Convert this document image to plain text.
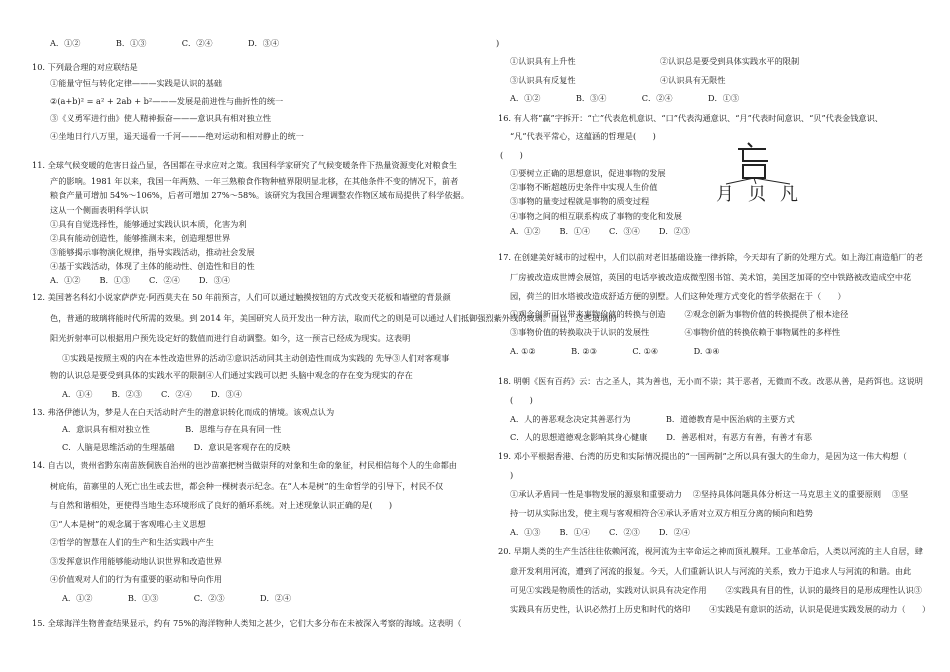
A．①② 　　　　B．①③ 　　　　C．②④ 　　　　D．③④
10. 下列最合理的对应联结是
①能量守恒与转化定律———实践是认识的基础
②(a+b)² = a² + 2ab + b²———发展是前进性与曲折性的统一
③《义勇军进行曲》使人精神振奋———意识具有相对独立性
④坐地日行八万里，遥天遥看一千河———绝对运动和相对静止的统一
11. 全球气候变暖的危害日益凸显，各国都在寻求应对之策。我国科学家研究了气候变暖条件下热量资源变化对粮食生
产的影响。1981 年以来，我国一年两熟、一年三熟粮食作物种植界限明显北移，在其他条件不变的情况下，前者
粮食产量可增加 54%～106%，后者可增加 27%～58%。该研究为我国合理调整农作物区域布局提供了科学依据。
这从一个侧面表明科学认识
①具有自觉选择性，能够通过实践认识本质，化害为利
②具有能动创造性，能够推测未来，创造理想世界
③能够揭示事物演化规律，指导实践活动，推动社会发展
④基于实践活动，体现了主体的能动性、创造性和目的性
A．①② 　　B．①③ 　　C．②④ 　　D．③④
12. 美国著名科幻小说家萨萨克·阿西莫夫在 50 年前预言，人们可以通过触摸按钮的方式改变天花板和墙壁的背景颜
色，普通的玻璃将能时代所需的效果。到 2014 年，美国研究人员开发出一种方法，取而代之的则是可以通过人们抵御强烈紫外线的玻璃。而且，这些玻璃的
阳光折射率可以根据用户预先设定好的数值而进行自动调整。如今，这一预言已经成为现实。这表明
①实践是按照主观的内在本性改造世界的活动②意识活动同其主动创造性而成为实践的 先导③人们对客观事
物的认识总是要受到具体的实践水平的限制④人们通过实践可以把 头脑中观念的存在变为现实的存在
A．①④ 　　B．②③ 　　C．②④ 　　D．③④
13. 弗洛伊德认为，梦是人在白天活动时产生的潜意识转化而成的情境。该观点认为
A．意识具有相对独立性 　　　　B．思维与存在具有同一性
C．人脑是思维活动的生理基础 　　D．意识是客观存在的反映
14. 自古以，贵州省黔东南苗族侗族自治州的岜沙苗寨把树当做崇拜的对象和生命的象征，村民相信每个人的生命都由
树庇佑，苗寨里的人死亡出生或去世，都会种一棵树表示纪念。在“人本是树”的生命哲学的引导下，村民不仅
与自然和谐相处，更使得当地生态环境形成了良好的循环系统。对上述现象认识正确的是(　　)
①“人本是树”的观念属于客观唯心主义思想
②哲学的智慧在人们的生产和生活实践中产生
③发挥意识作用能够能动地认识世界和改造世界
④价值观对人们的行为有重要的驱动和导向作用
A．①② 　　　　B．①③ 　　　　C．②③ 　　　　D．②④
15. 全球海洋生物普查结果显示，约有 75%的海洋物种人类知之甚少，它们大多分布在未被深入考察的海域。这表明（
)
①认识具有上升性 　　　　　　　　　　②认识总是要受到具体实践水平的限制
③认识具有反复性 　　　　　　　　　　④认识具有无限性
A．①② 　　　　B．③④ 　　　　C．②④ 　　　　D．①③
16. 有人将“赢”字拆开：“亡”代表危机意识、“口”代表沟通意识、“月”代表时间意识、“贝”代表金钱意识、
“凡”代表平常心，这蕴涵的哲理是(　　)
(　　)
①要树立正确的思想意识，促进事物的发展
②事物不断超越历史条件中实现人生价值
③事物的量变过程就是事物的质变过程
④事物之间的相互联系构成了事物的变化和发展
A．①② 　　B．①④ 　　C．③④ 　　D．②③
17. 在创建美好城市的过程中，人们以前对老旧基础设施一律拆除，今天却有了新的处理方式。如上海江南造船厂的老
厂房被改造成世博会展馆，英国的电话亭被改造成微型图书馆、美术馆，美国芝加哥的空中铁路被改造成空中花
园，荷兰的旧水塔被改造成舒适方便的别墅。人们这种处理方式变化的哲学依据在于（　　）
①观念创新可以带来事物价值的转换与创造 　　②观念创新为事物价值的转换提供了根本途径
③事物价值的转换取决于认识的发展性 　　　　④事物价值的转换依赖于事物属性的多样性
A. ①② 　　　　B. ②③ 　　　　C. ①④ 　　　　D. ③④
18. 明朝《医有百药》云：古之圣人，其为善也，无小而不崇；其于恶者，无微而不改。改恶从善，是药饵也。这说明
(　　)
A．人的善恶观念决定其善恶行为 　　　　B．道德教育是中医治病的主要方式
C．人的思想道德观念影响其身心健康 　　D．善恶相对，有恶方有善，有善才有恶
19. 邓小平根据香港、台湾的历史和实际情况提出的“一国两制”之所以具有强大的生命力，是因为这一伟大构想（
)
①承认矛盾同一性是事物发展的源泉和重要动力 　②坚持具体问题具体分析这一马克思主义的重要原则 　③坚
持一切从实际出发，使主观与客观相符合④承认矛盾对立双方相互分离的倾向和趋势
A．①③ 　　B．①④ 　　C．②③ 　　D．②④
20. 早期人类的生产生活往往依赖河流，视河流为主宰命运之神而顶礼膜拜。工业革命后，人类以河流的主人自居，肆
意开发利用河流，遭到了河流的报复。今天，人们重新认识人与河流的关系，致力于追求人与河流的和谐。由此
可见①实践是物质性的活动，实践对认识具有决定作用 　　②实践具有目的性，认识的最终目的是形成理性认识③
实践具有历史性，认识必然打上历史和时代的烙印 　　④实践是有意识的活动，认识是促进实践发展的动力（　　）
月 贝 凡
